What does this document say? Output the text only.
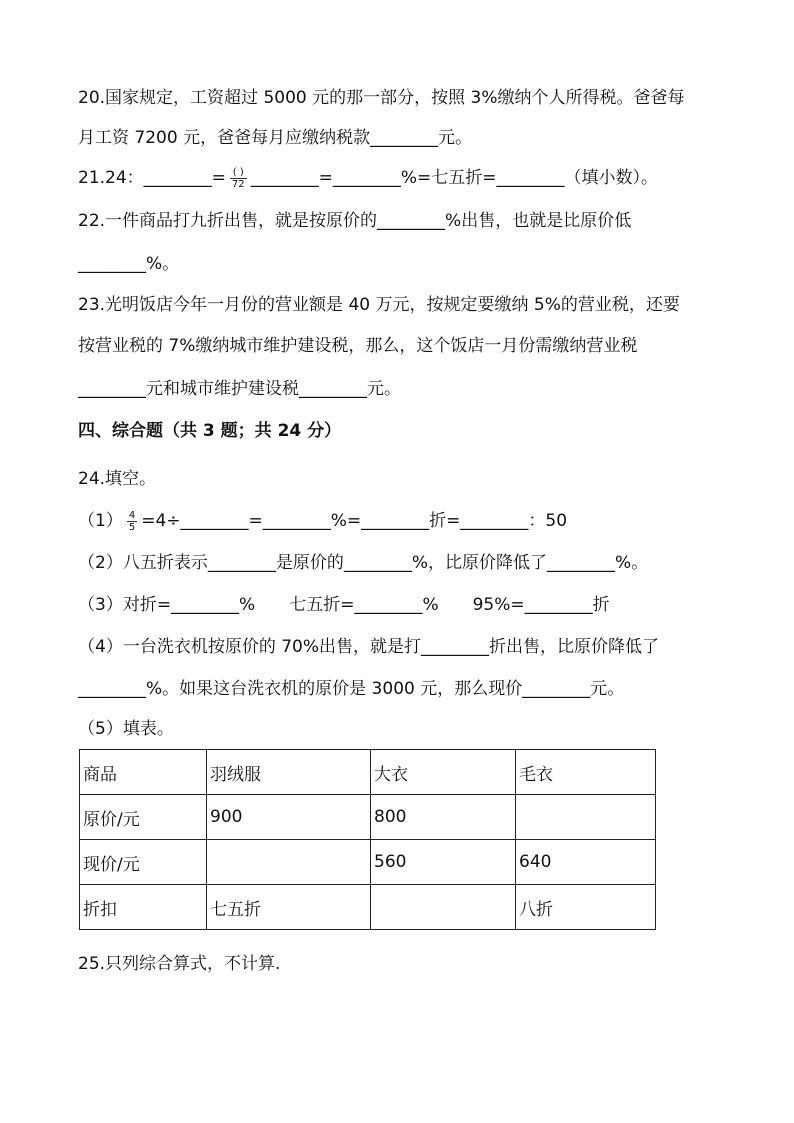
20.国家规定，工资超过 5000 元的那一部分，按照 3%缴纳个人所得税。爸爸每
月工资 7200 元，爸爸每月应缴纳税款________元。
21.24：________= $\frac{( )}{72}$ ________=________%=七五折=________（填小数）。
22.一件商品打九折出售，就是按原价的________%出售，也就是比原价低
________%。
23.光明饭店今年一月份的营业额是 40 万元，按规定要缴纳 5%的营业税，还要
按营业税的 7%缴纳城市维护建设税，那么，这个饭店一月份需缴纳营业税
________元和城市维护建设税________元。
四、综合题（共 3 题；共 24 分）
24.填空。
$(1) \frac{4}{5}$ =4÷________=________%=________折=________：50
（2）八五折表示________是原价的________%，比原价降低了________%。
（3）对折=________%　　七五折=________%　　95%=________折
（4）一台洗衣机按原价的 70%出售，就是打________折出售，比原价降低了
________%。如果这台洗衣机的原价是 3000 元，那么现价________元。
（5）填表。
商品	羽绒服	大衣	毛衣
原价/元	900	800	
现价/元		560	640
折扣	七五折		八折
25.只列综合算式，不计算.
